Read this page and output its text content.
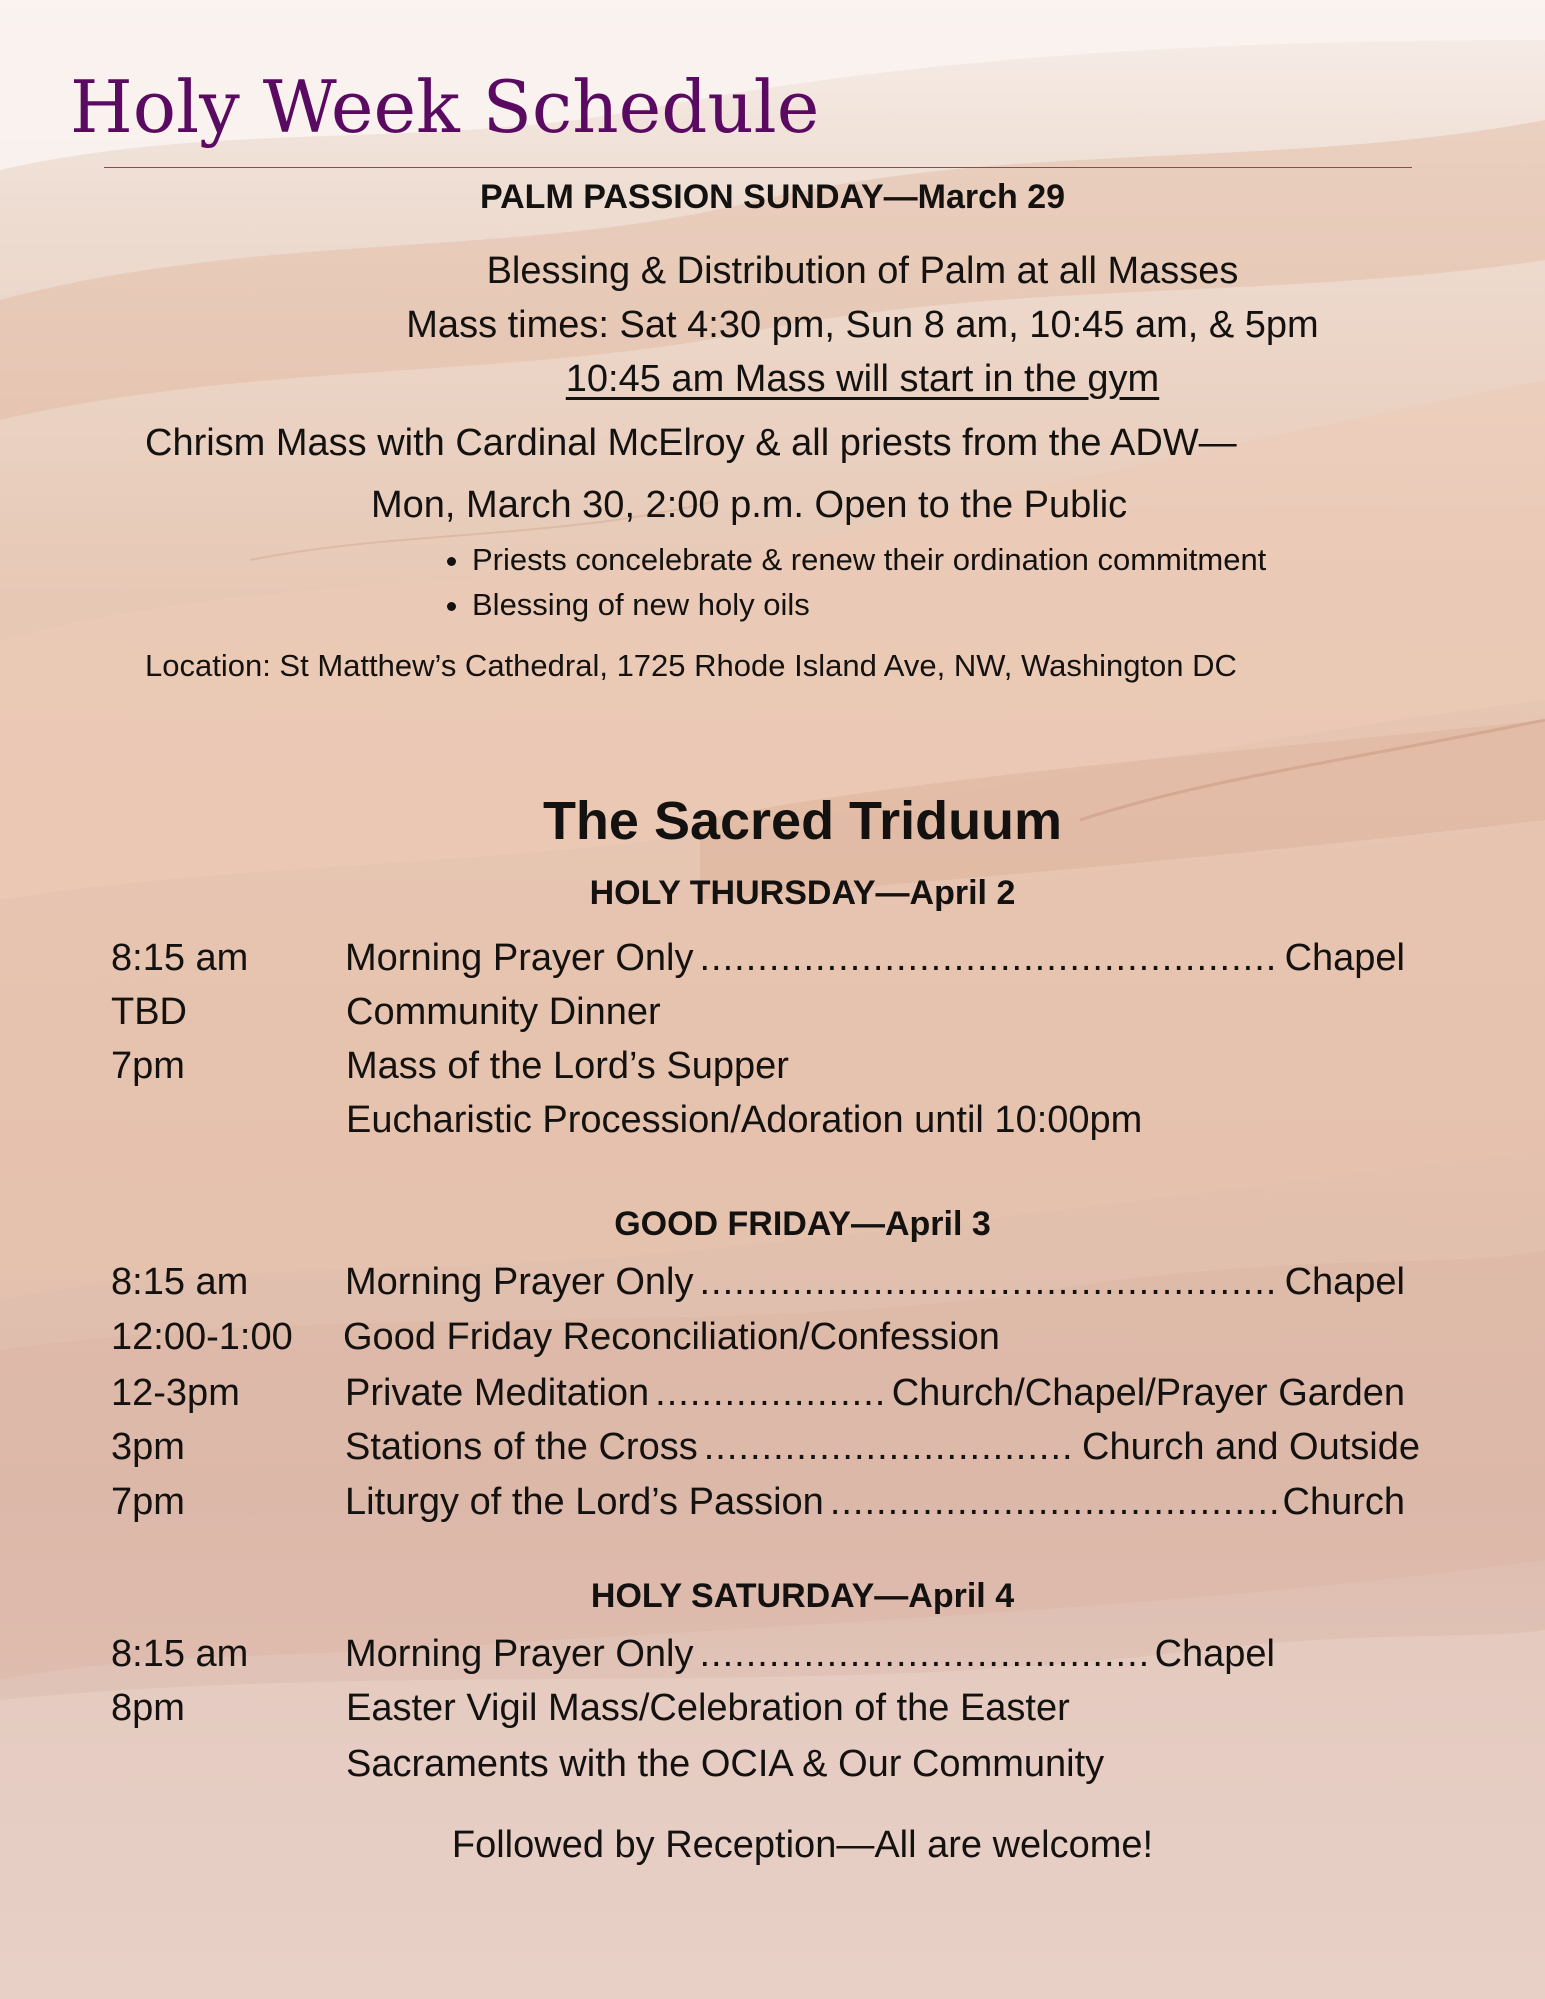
Holy Week Schedule
PALM PASSION SUNDAY—March 29
Blessing & Distribution of Palm at all Masses
Mass times: Sat 4:30 pm, Sun 8 am, 10:45 am, & 5pm
10:45 am Mass will start in the gym
Chrism Mass with Cardinal McElroy & all priests from the ADW—
Mon, March 30, 2:00 p.m. Open to the Public
• Priests concelebrate & renew their ordination commitment
• Blessing of new holy oils
Location: St Matthew’s Cathedral, 1725 Rhode Island Ave, NW, Washington DC
The Sacred Triduum
HOLY THURSDAY—April 2
8:15 am	Morning Prayer Only .....	Chapel
TBD	Community Dinner
7pm	Mass of the Lord’s Supper
Eucharistic Procession/Adoration until 10:00pm
GOOD FRIDAY—April 3
8:15 am	Morning Prayer Only .....	Chapel
12:00-1:00 Good Friday Reconciliation/Confession
12-3pm	Private Meditation .....	Church/Chapel/Prayer Garden
3pm	Stations of the Cross .....	Church and Outside
7pm	Liturgy of the Lord’s Passion .....	Church
HOLY SATURDAY—April 4
8:15 am	Morning Prayer Only .....	Chapel
8pm	Easter Vigil Mass/Celebration of the Easter
Sacraments with the OCIA & Our Community
Followed by Reception—All are welcome!
